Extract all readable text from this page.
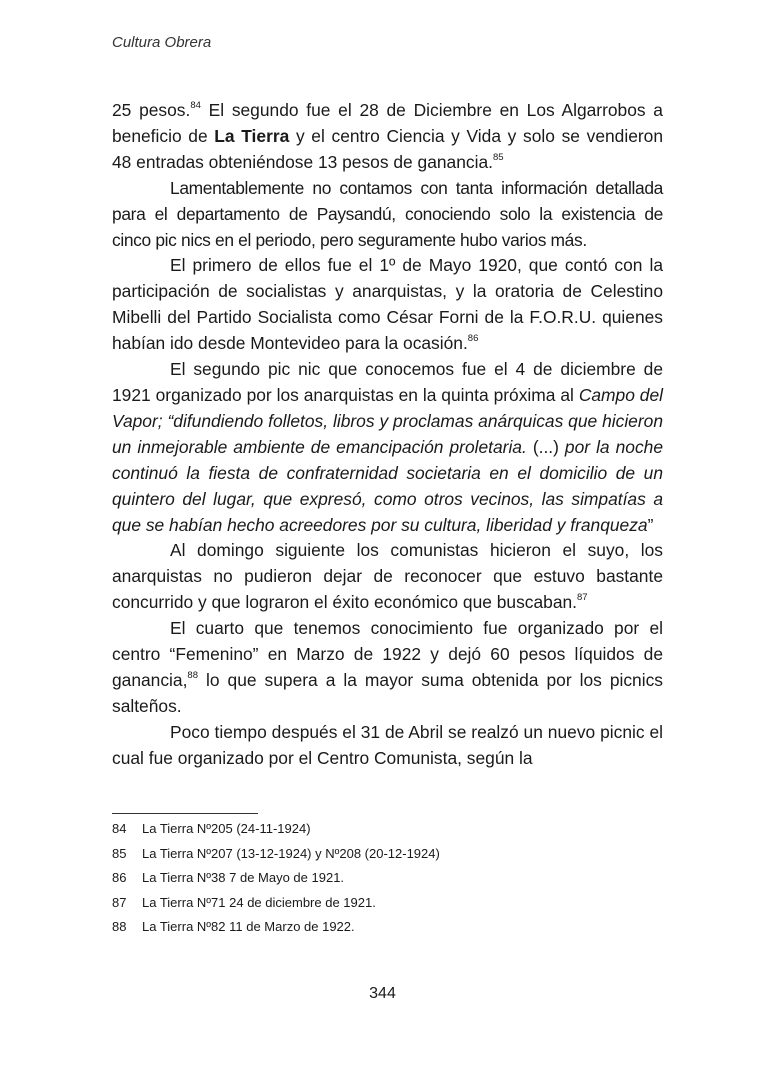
Cultura Obrera

25 pesos.$^{84}$ El segundo fue el 28 de Diciembre en Los Algarrobos a beneficio de La Tierra y el centro Ciencia y Vida y solo se vendieron 48 entradas obteniéndose 13 pesos de ganancia.$^{85}$

Lamentablemente no contamos con tanta información detallada para el departamento de Paysandú, conociendo solo la existencia de cinco pic nics en el periodo, pero seguramente hubo varios más.

El primero de ellos fue el 1º de Mayo 1920, que contó con la participación de socialistas y anarquistas, y la oratoria de Celestino Mibelli del Partido Socialista como César Forni de la F.O.R.U. quienes habían ido desde Montevideo para la ocasión.$^{86}$

El segundo pic nic que conocemos fue el 4 de diciembre de 1921 organizado por los anarquistas en la quinta próxima al Campo del Vapor; “difundiendo folletos, libros y proclamas anárquicas que hicieron un inmejorable ambiente de emancipación proletaria. (...) por la noche continuó la fiesta de confraternidad societaria en el domicilio de un quintero del lugar, que expresó, como otros vecinos, las simpatías a que se habían hecho acreedores por su cultura, liberidad y franqueza”

Al domingo siguiente los comunistas hicieron el suyo, los anarquistas no pudieron dejar de reconocer que estuvo bastante concurrido y que lograron el éxito económico que buscaban.$^{87}$

El cuarto que tenemos conocimiento fue organizado por el centro “Femenino” en Marzo de 1922 y dejó 60 pesos líquidos de ganancia,$^{88}$ lo que supera a la mayor suma obtenida por los picnics salteños.

Poco tiempo después el 31 de Abril se realzó un nuevo picnic el cual fue organizado por el Centro Comunista, según la

84 La Tierra Nº205 (24-11-1924)
85 La Tierra Nº207 (13-12-1924) y Nº208 (20-12-1924)
86 La Tierra Nº38 7 de Mayo de 1921.
87 La Tierra Nº71 24 de diciembre de 1921.
88 La Tierra Nº82 11 de Marzo de 1922.
344
